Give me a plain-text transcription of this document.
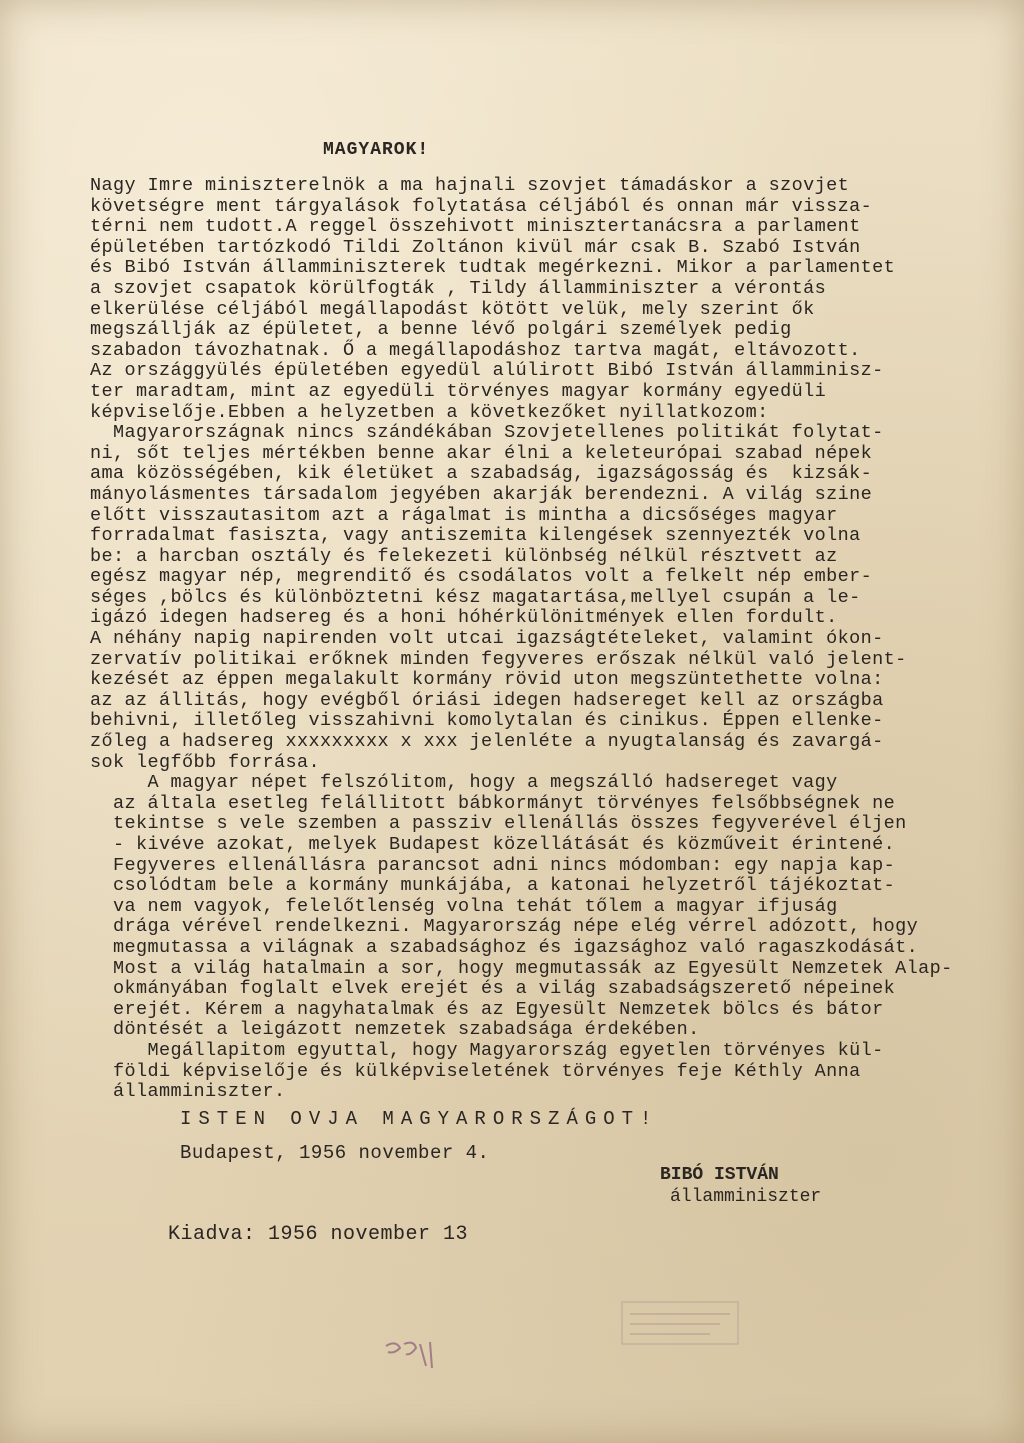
MAGYAROK!
Nagy Imre miniszterelnök a ma hajnali szovjet támadáskor a szovjet
követségre ment tárgyalások folytatása céljából és onnan már vissza-
térni nem tudott.A reggel összehivott minisztertanácsra a parlament
épületében tartózkodó Tildi Zoltánon kivül már csak B. Szabó István
és Bibó István államminiszterek tudtak megérkezni. Mikor a parlamentet
a szovjet csapatok körülfogták , Tildy államminiszter a vérontás
elkerülése céljából megállapodást kötött velük, mely szerint ők
megszállják az épületet, a benne lévő polgári személyek pedig
szabadon távozhatnak. Ő a megállapodáshoz tartva magát, eltávozott.
Az országgyülés épületében egyedül alúlirott Bibó István államminisz-
ter maradtam, mint az egyedüli törvényes magyar kormány egyedüli
képviselője.Ebben a helyzetben a következőket nyillatkozom:
Magyarországnak nincs szándékában Szovjetellenes politikát folytat-
ni, sőt teljes mértékben benne akar élni a keleteurópai szabad népek
ama közösségében, kik életüket a szabadság, igazságosság és  kizsák-
mányolásmentes társadalom jegyében akarják berendezni. A világ szine
előtt visszautasitom azt a rágalmat is mintha a dicsőséges magyar
forradalmat fasiszta, vagy antiszemita kilengések szennyezték volna
be: a harcban osztály és felekezeti különbség nélkül résztvett az
egész magyar nép, megrenditő és csodálatos volt a felkelt nép ember-
séges ,bölcs és különböztetni kész magatartása,mellyel csupán a le-
igázó idegen hadsereg és a honi hóhérkülönitmények ellen fordult.
A néhány napig napirenden volt utcai igazságtételeket, valamint ókon-
zervatív politikai erőknek minden fegyveres erőszak nélkül való jelent-
kezését az éppen megalakult kormány rövid uton megszüntethette volna:
az az állitás, hogy evégből óriási idegen hadsereget kell az országba
behivni, illetőleg visszahivni komolytalan és cinikus. Éppen ellenke-
zőleg a hadsereg xxxxxxxxx x xxx jelenléte a nyugtalanság és zavargá-
sok legfőbb forrása.
A magyar népet felszólitom, hogy a megszálló hadsereget vagy
az általa esetleg felállitott bábkormányt törvényes felsőbbségnek ne
tekintse s vele szemben a passziv ellenállás összes fegyverével éljen
- kivéve azokat, melyek Budapest közellátását és közműveit érintené.
Fegyveres ellenállásra parancsot adni nincs módomban: egy napja kap-
csolódtam bele a kormány munkájába, a katonai helyzetről tájékoztat-
va nem vagyok, felelőtlenség volna tehát tőlem a magyar ifjuság
drága vérével rendelkezni. Magyarország népe elég vérrel adózott, hogy
megmutassa a világnak a szabadsághoz és igazsághoz való ragaszkodását.
Most a világ hatalmain a sor, hogy megmutassák az Egyesült Nemzetek Alap-
okmányában foglalt elvek erejét és a világ szabadságszerető népeinek
erejét. Kérem a nagyhatalmak és az Egyesült Nemzetek bölcs és bátor
döntését a leigázott nemzetek szabadsága érdekében.
Megállapitom egyuttal, hogy Magyarország egyetlen törvényes kül-
földi képviselője és külképviseletének törvényes feje Kéthly Anna
államminiszter.

ISTEN OVJA MAGYARORSZÁGOT!

Budapest, 1956 november 4.

BIBÓ ISTVÁN
államminiszter

Kiadva: 1956 november 13
